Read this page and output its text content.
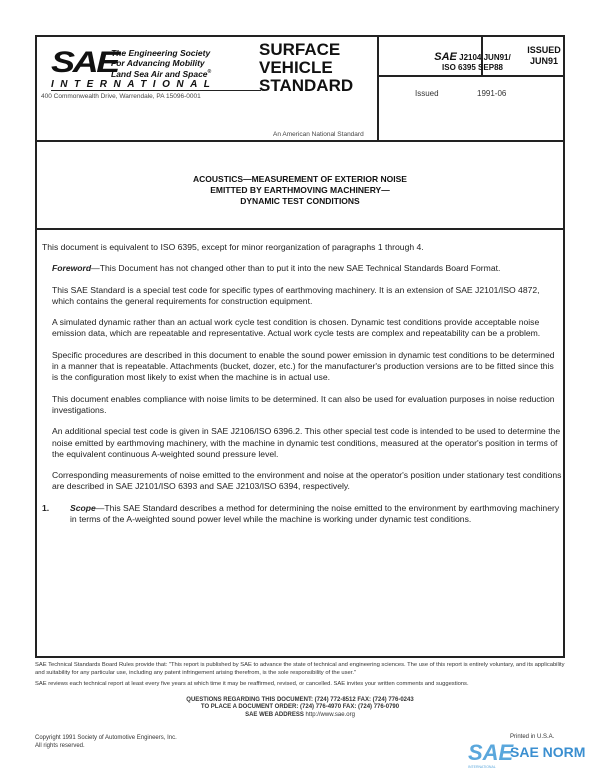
SAE
The Engineering Society
For Advancing Mobility
Land Sea Air and Space®
INTERNATIONAL
400 Commonwealth Drive, Warrendale, PA 15096-0001
SURFACE
VEHICLE
STANDARD
An American National Standard
SAE J2104 JUN91/
ISO 6395 SEP88
ISSUED
JUN91
Issued	1991-06
ACOUSTICS—MEASUREMENT OF EXTERIOR NOISE
EMITTED BY EARTHMOVING MACHINERY—
DYNAMIC TEST CONDITIONS

This document is equivalent to ISO 6395, except for minor reorganization of paragraphs 1 through 4.

Foreword—This Document has not changed other than to put it into the new SAE Technical Standards Board Format.

This SAE Standard is a special test code for specific types of earthmoving machinery. It is an extension of SAE J2101/ISO 4872, which contains the general requirements for construction equipment.

A simulated dynamic rather than an actual work cycle test condition is chosen. Dynamic test conditions provide acceptable noise emission data, which are repeatable and representative. Actual work cycle tests are complex and repeatability can be a problem.

Specific procedures are described in this document to enable the sound power emission in dynamic test conditions to be determined in a manner that is repeatable. Attachments (bucket, dozer, etc.) for the manufacturer's production versions are to be fitted since this is the configuration most likely to exist when the machine is in actual use.

This document enables compliance with noise limits to be determined. It can also be used for evaluation purposes in noise reduction investigations.

An additional special test code is given in SAE J2106/ISO 6396.2. This other special test code is intended to be used to determine the noise emitted by earthmoving machinery, with the machine in dynamic test conditions, measured at the operator's position in terms of the equivalent continuous A-weighted sound pressure level.

Corresponding measurements of noise emitted to the environment and noise at the operator's position under stationary test conditions are described in SAE J2101/ISO 6393 and SAE J2103/ISO 6394, respectively.

1.	Scope—This SAE Standard describes a method for determining the noise emitted to the environment by earthmoving machinery in terms of the A-weighted sound power level while the machine is working under dynamic test conditions.

SAE Technical Standards Board Rules provide that: "This report is published by SAE to advance the state of technical and engineering sciences. The use of this report is entirely voluntary, and its applicability and suitability for any particular use, including any patent infringement arising therefrom, is the sole responsibility of the user."

SAE reviews each technical report at least every five years at which time it may be reaffirmed, revised, or cancelled. SAE invites your written comments and suggestions.

QUESTIONS REGARDING THIS DOCUMENT: (724) 772-8512 FAX: (724) 776-0243
TO PLACE A DOCUMENT ORDER: (724) 776-4970 FAX: (724) 776-0790
SAE WEB ADDRESS http://www.sae.org
Copyright 1991 Society of Automotive Engineers, Inc.
All rights reserved.
Printed in U.S.A.
SAE
SAE NORM
INTERNATIONAL
